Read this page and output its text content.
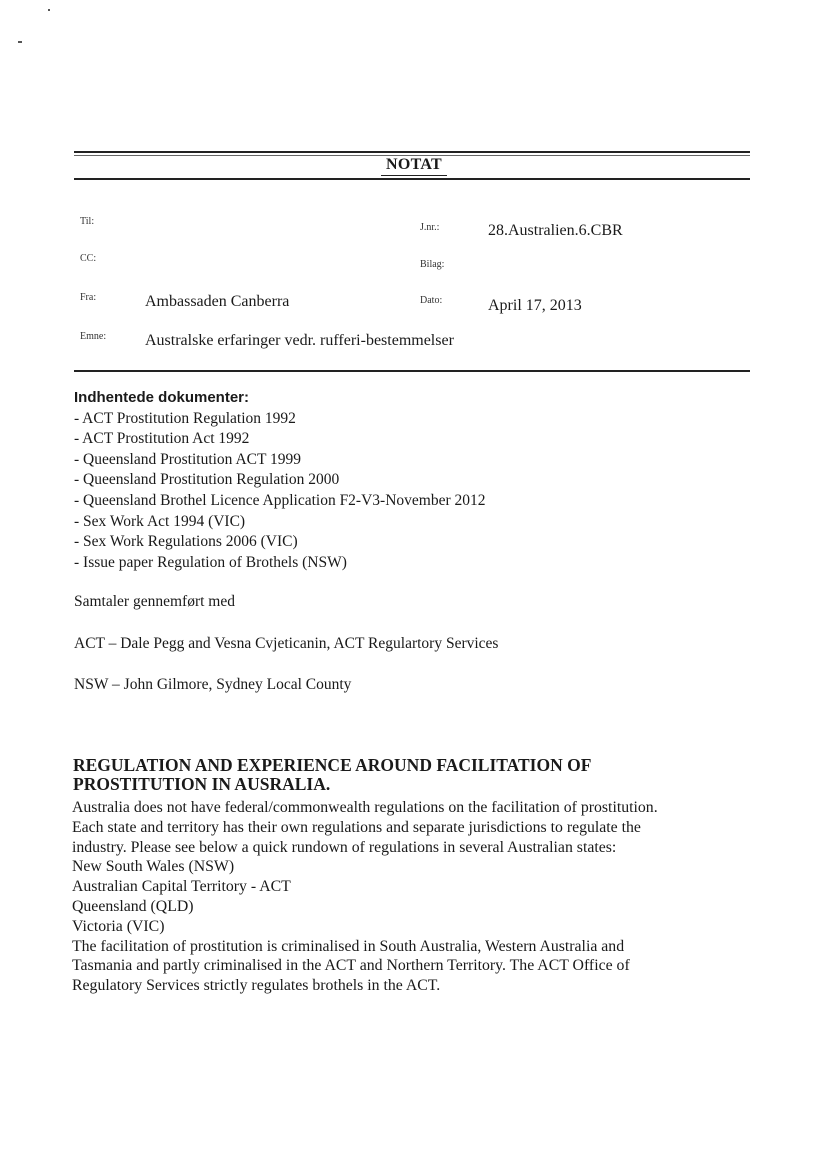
NOTAT
Til:
CC:
Fra:	Ambassaden Canberra
Emne: Australske erfaringer vedr. rufferi-bestemmelser
J.nr.:	28.Australien.6.CBR
Bilag:
Dato:	April 17, 2013
Indhentede dokumenter:
- ACT Prostitution Regulation 1992
- ACT Prostitution Act 1992
- Queensland Prostitution ACT 1999
- Queensland Prostitution Regulation 2000
- Queensland Brothel Licence Application F2-V3-November 2012
- Sex Work Act 1994 (VIC)
- Sex Work Regulations 2006 (VIC)
- Issue paper Regulation of Brothels (NSW)
Samtaler gennemført med
ACT – Dale Pegg and Vesna Cvjeticanin, ACT Regulartory Services
NSW – John Gilmore, Sydney Local County
REGULATION AND EXPERIENCE AROUND FACILITATION OF
PROSTITUTION IN AUSRALIA.
Australia does not have federal/commonwealth regulations on the facilitation of prostitution.
Each state and territory has their own regulations and separate jurisdictions to regulate the
industry. Please see below a quick rundown of regulations in several Australian states:
New South Wales (NSW)
Australian Capital Territory - ACT
Queensland (QLD)
Victoria (VIC)
The facilitation of prostitution is criminalised in South Australia, Western Australia and
Tasmania and partly criminalised in the ACT and Northern Territory. The ACT Office of
Regulatory Services strictly regulates brothels in the ACT.
